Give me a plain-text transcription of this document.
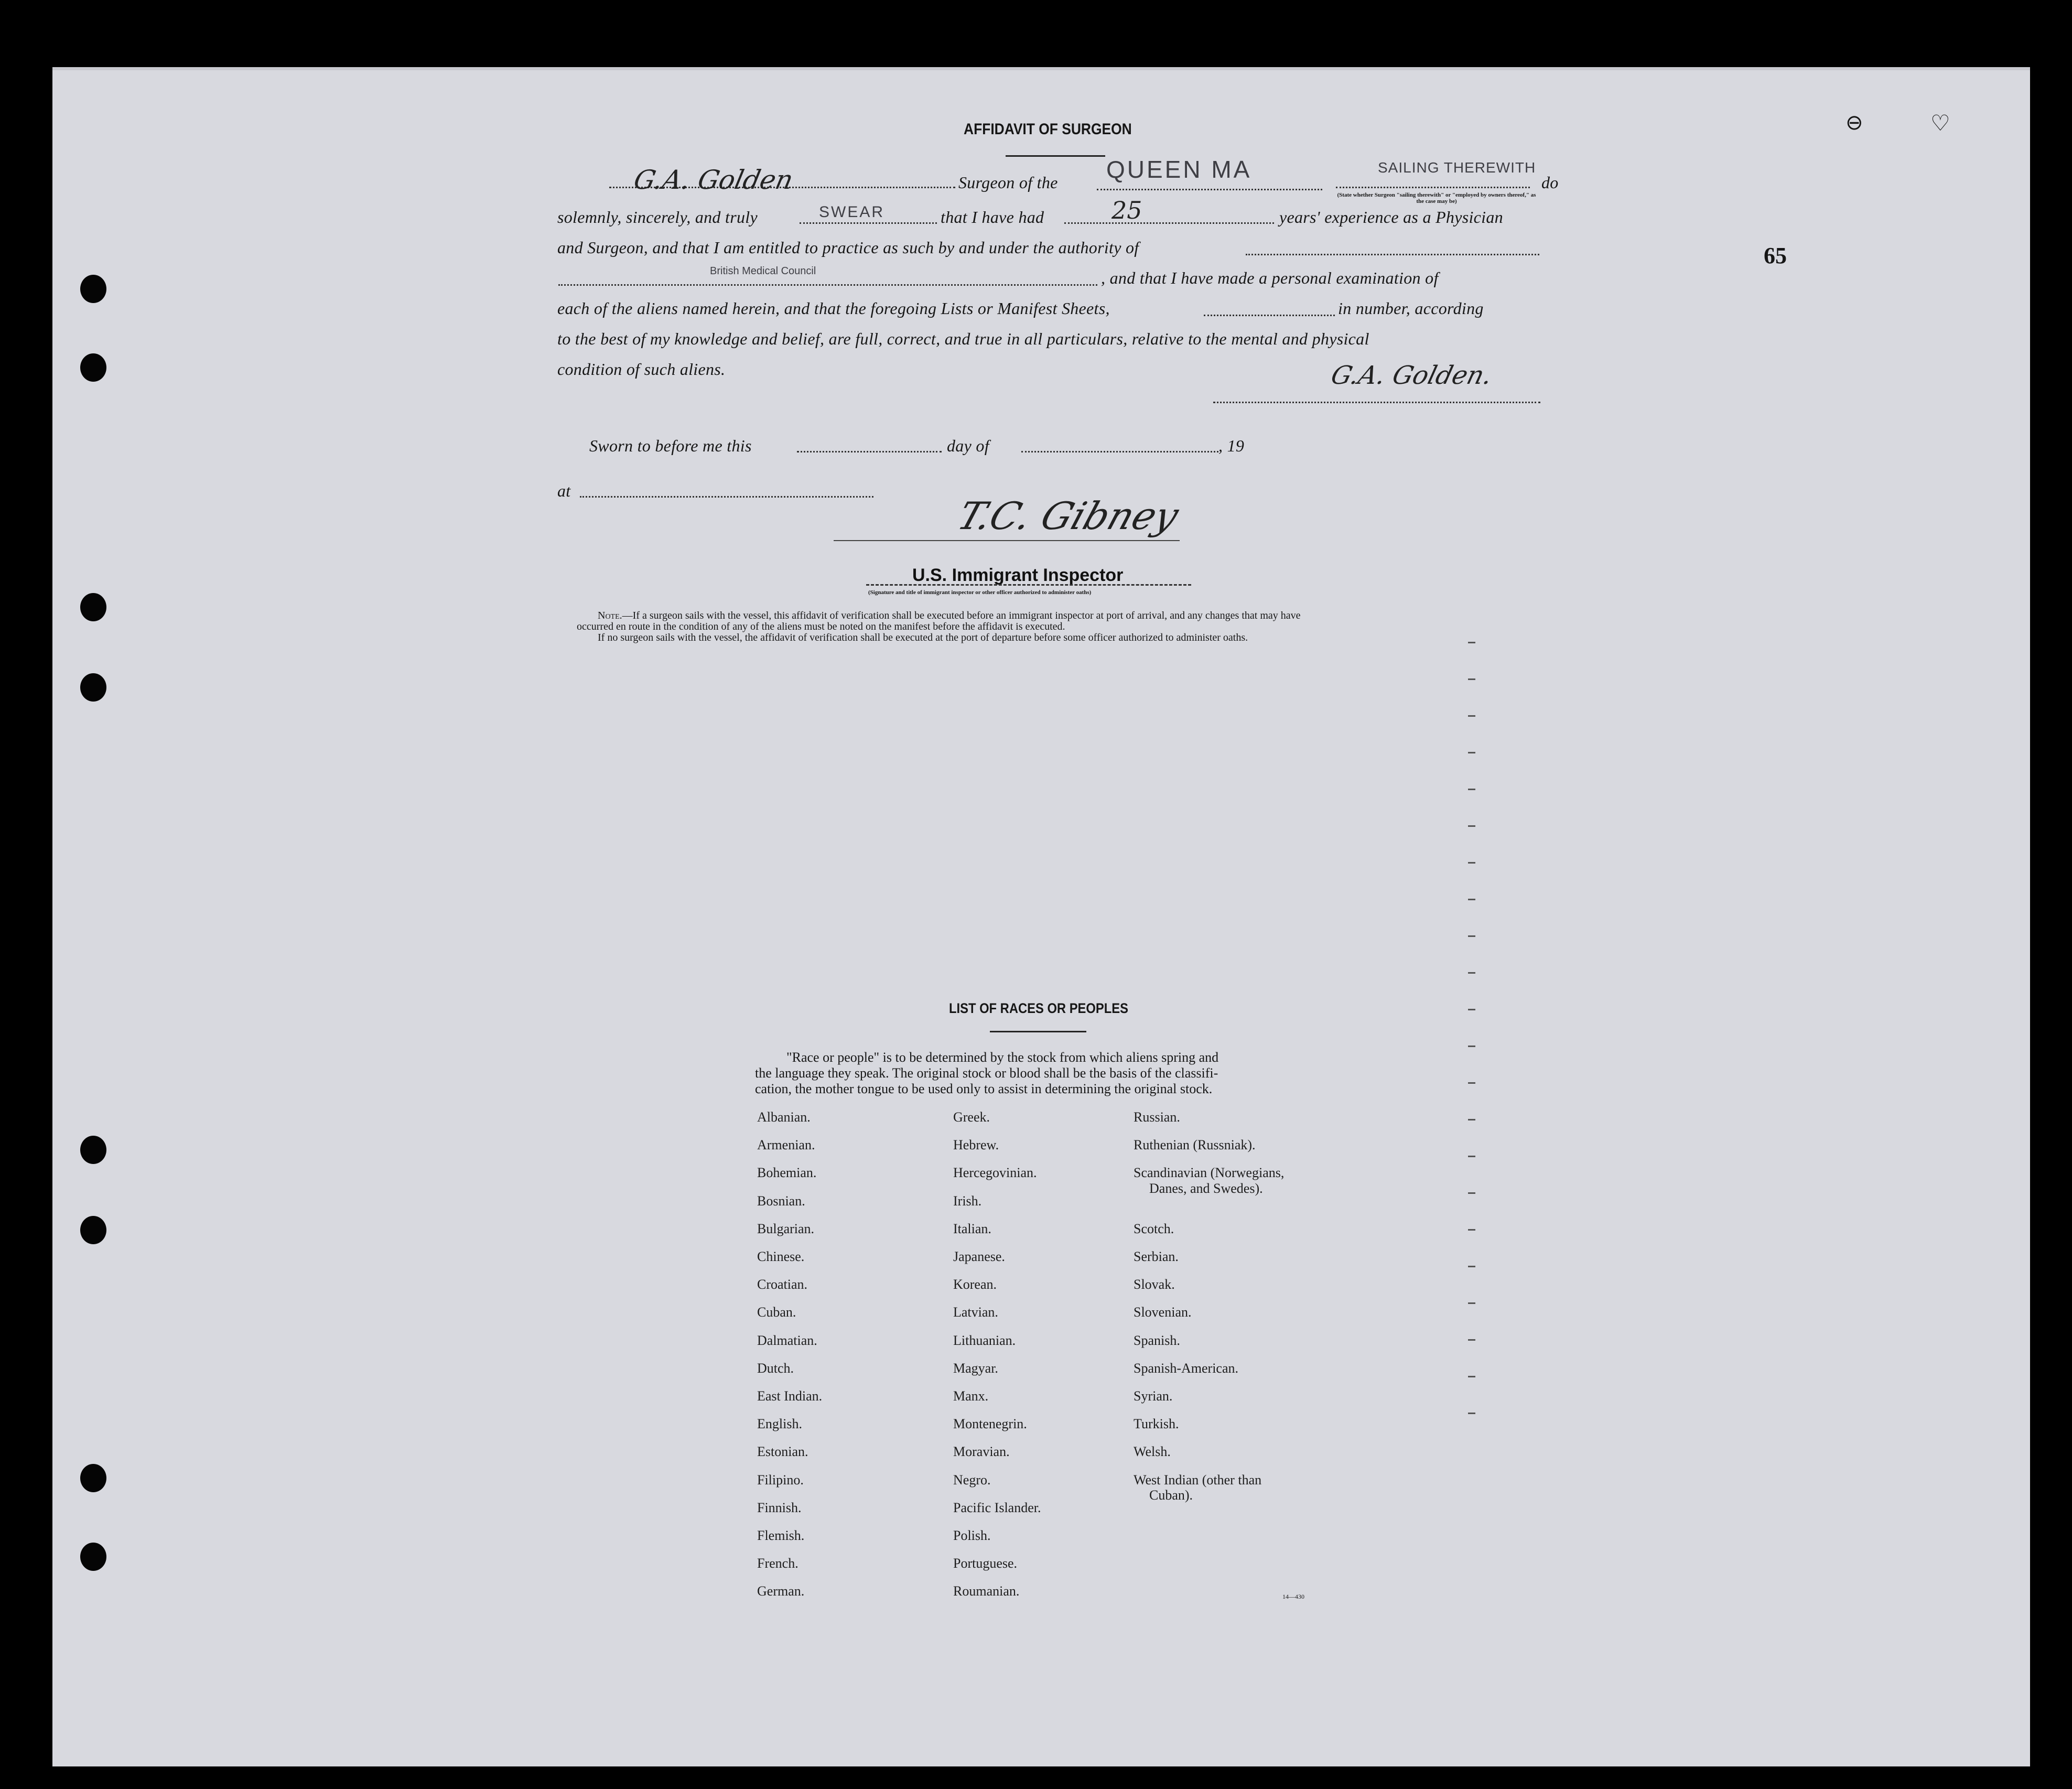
⊖	♡
65
AFFIDAVIT OF SURGEON
G.A. Golden	Surgeon of the QUEEN MA	SAILING THEREWITH
(State whether Surgeon "sailing therewith" or "employed by owners thereof," as the case may be)
do
solemnly, sincerely, and truly	SWEAR	that I have had	25	years' experience as a Physician
and Surgeon, and that I am entitled to practice as such by and under the authority of
British Medical Council	, and that I have made a personal examination of
each of the aliens named herein, and that the foregoing Lists or Manifest Sheets,	in number, according
to the best of my knowledge and belief, are full, correct, and true in all particulars, relative to the mental and physical
condition of such aliens.	G.A. Golden.
Sworn to before me this	day of	, 19
at
T.C. Gibney
U.S. Immigrant Inspector
(Signature and title of immigrant inspector or other officer authorized to administer oaths)
Note.—If a surgeon sails with the vessel, this affidavit of verification shall be executed before an immigrant inspector at port of arrival, and any changes that may have
occurred en route in the condition of any of the aliens must be noted on the manifest before the affidavit is executed.
If no surgeon sails with the vessel, the affidavit of verification shall be executed at the port of departure before some officer authorized to administer oaths.
LIST OF RACES OR PEOPLES
"Race or people" is to be determined by the stock from which aliens spring and
the language they speak. The original stock or blood shall be the basis of the classifi-
cation, the mother tongue to be used only to assist in determining the original stock.
Albanian.
Armenian.
Bohemian.
Bosnian.
Bulgarian.
Chinese.
Croatian.
Cuban.
Dalmatian.
Dutch.
East Indian.
English.
Estonian.
Filipino.
Finnish.
Flemish.
French.
German.
Greek.
Hebrew.
Hercegovinian.
Irish.
Italian.
Japanese.
Korean.
Latvian.
Lithuanian.
Magyar.
Manx.
Montenegrin.
Moravian.
Negro.
Pacific Islander.
Polish.
Portuguese.
Roumanian.
Russian.
Ruthenian (Russniak).
Scandinavian (Norwegians,
Danes, and Swedes).
Scotch.
Serbian.
Slovak.
Slovenian.
Spanish.
Spanish-American.
Syrian.
Turkish.
Welsh.
West Indian (other than
Cuban).
14—430
